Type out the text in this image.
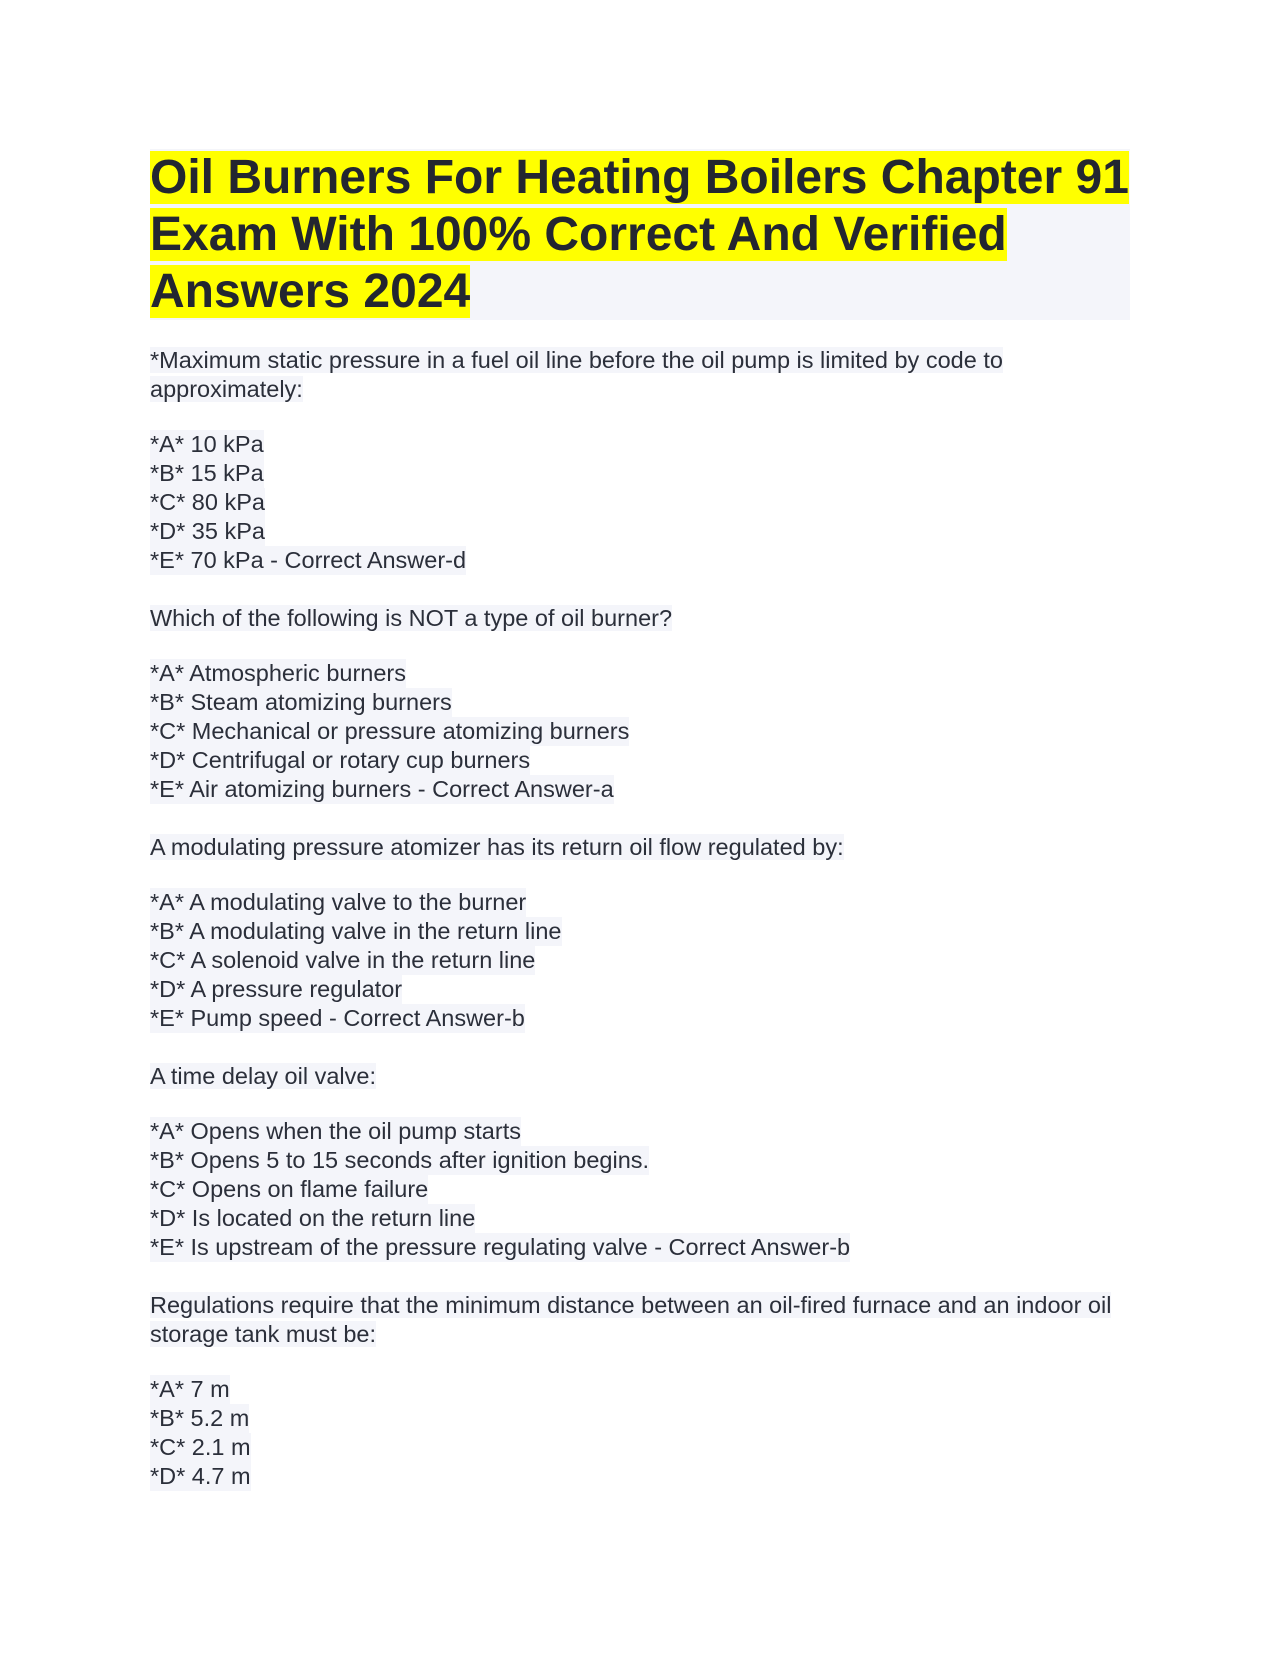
Oil Burners For Heating Boilers Chapter 91 Exam With 100% Correct And Verified Answers 2024

*Maximum static pressure in a fuel oil line before the oil pump is limited by code to approximately:

*A* 10 kPa
*B* 15 kPa
*C* 80 kPa
*D* 35 kPa
*E* 70 kPa - Correct Answer-d

Which of the following is NOT a type of oil burner?

*A* Atmospheric burners
*B* Steam atomizing burners
*C* Mechanical or pressure atomizing burners
*D* Centrifugal or rotary cup burners
*E* Air atomizing burners - Correct Answer-a

A modulating pressure atomizer has its return oil flow regulated by:

*A* A modulating valve to the burner
*B* A modulating valve in the return line
*C* A solenoid valve in the return line
*D* A pressure regulator
*E* Pump speed - Correct Answer-b

A time delay oil valve:

*A* Opens when the oil pump starts
*B* Opens 5 to 15 seconds after ignition begins.
*C* Opens on flame failure
*D* Is located on the return line
*E* Is upstream of the pressure regulating valve - Correct Answer-b

Regulations require that the minimum distance between an oil-fired furnace and an indoor oil storage tank must be:

*A* 7 m
*B* 5.2 m
*C* 2.1 m
*D* 4.7 m
